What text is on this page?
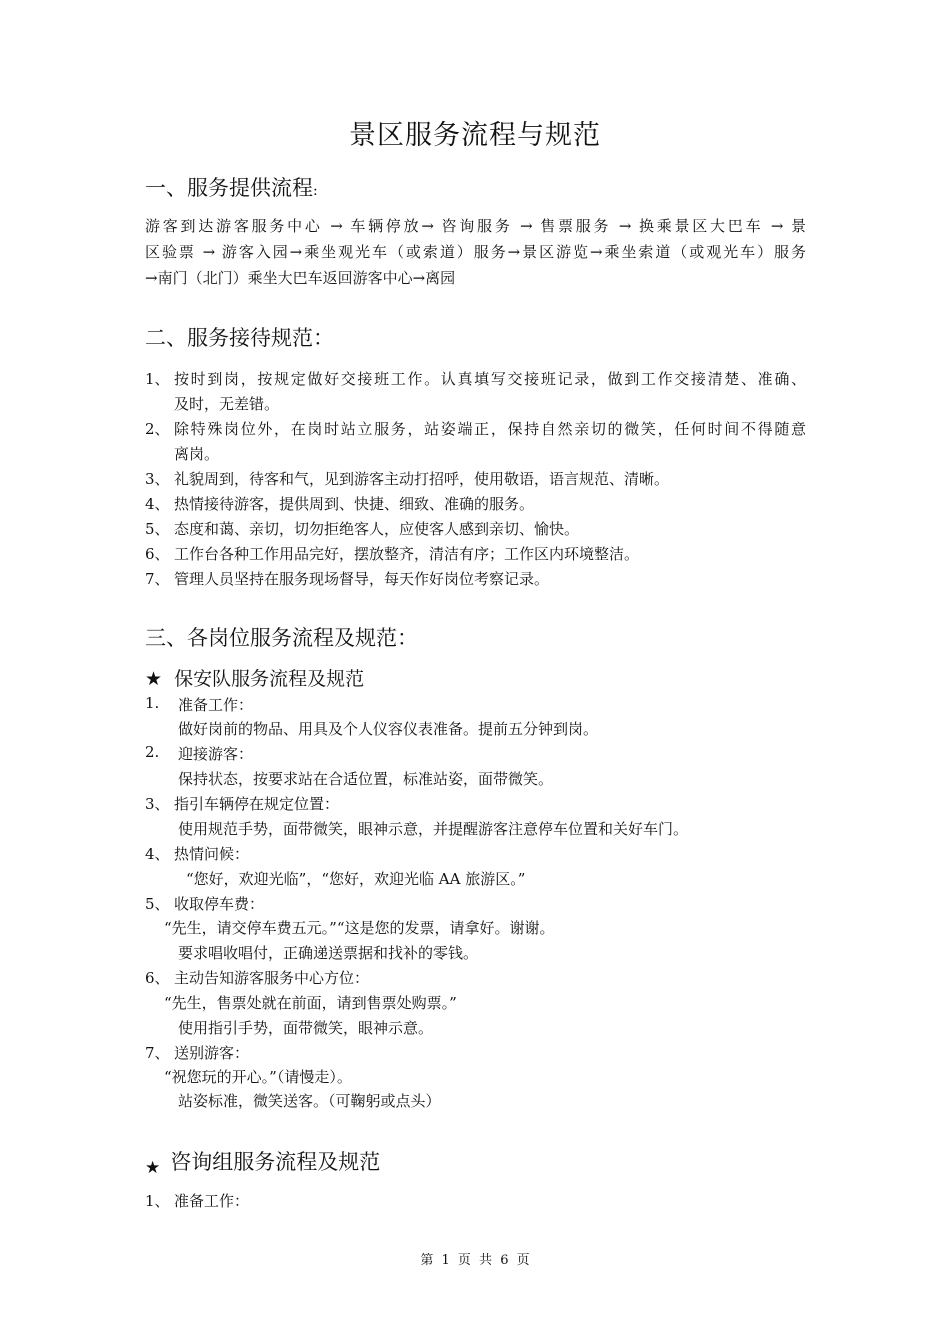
景区服务流程与规范
一、服务提供流程:
游客到达游客服务中心 → 车辆停放→ 咨询服务 → 售票服务 → 换乘景区大巴车 → 景
区验票 → 游客入园→乘坐观光车（或索道）服务→景区游览→乘坐索道（或观光车）服务
→南门（北门）乘坐大巴车返回游客中心→离园
二、服务接待规范：
1、 按时到岗，按规定做好交接班工作。认真填写交接班记录，做到工作交接清楚、准确、
及时，无差错。
2、 除特殊岗位外，在岗时站立服务，站姿端正，保持自然亲切的微笑，任何时间不得随意
离岗。
3、 礼貌周到，待客和气，见到游客主动打招呼，使用敬语，语言规范、清晰。
4、 热情接待游客，提供周到、快捷、细致、准确的服务。
5、 态度和蔼、亲切，切勿拒绝客人，应使客人感到亲切、愉快。
6、 工作台各种工作用品完好，摆放整齐，清洁有序；工作区内环境整洁。
7、 管理人员坚持在服务现场督导，每天作好岗位考察记录。
三、各岗位服务流程及规范：
★ 保安队服务流程及规范
1. 准备工作：
做好岗前的物品、用具及个人仪容仪表准备。提前五分钟到岗。
2. 迎接游客：
保持状态，按要求站在合适位置，标准站姿，面带微笑。
3、 指引车辆停在规定位置：
使用规范手势，面带微笑，眼神示意，并提醒游客注意停车位置和关好车门。
4、 热情问候：
“您好，欢迎光临”，“您好，欢迎光临 AA 旅游区。”
5、 收取停车费：
“先生，请交停车费五元。”“这是您的发票，请拿好。谢谢。
要求唱收唱付，正确递送票据和找补的零钱。
6、 主动告知游客服务中心方位：
“先生，售票处就在前面，请到售票处购票。”
使用指引手势，面带微笑，眼神示意。
7、 送别游客：
“祝您玩的开心。”（请慢走）。
站姿标准，微笑送客。（可鞠躬或点头）
★ 咨询组服务流程及规范
1、 准备工作：
第 1 页 共 6 页
